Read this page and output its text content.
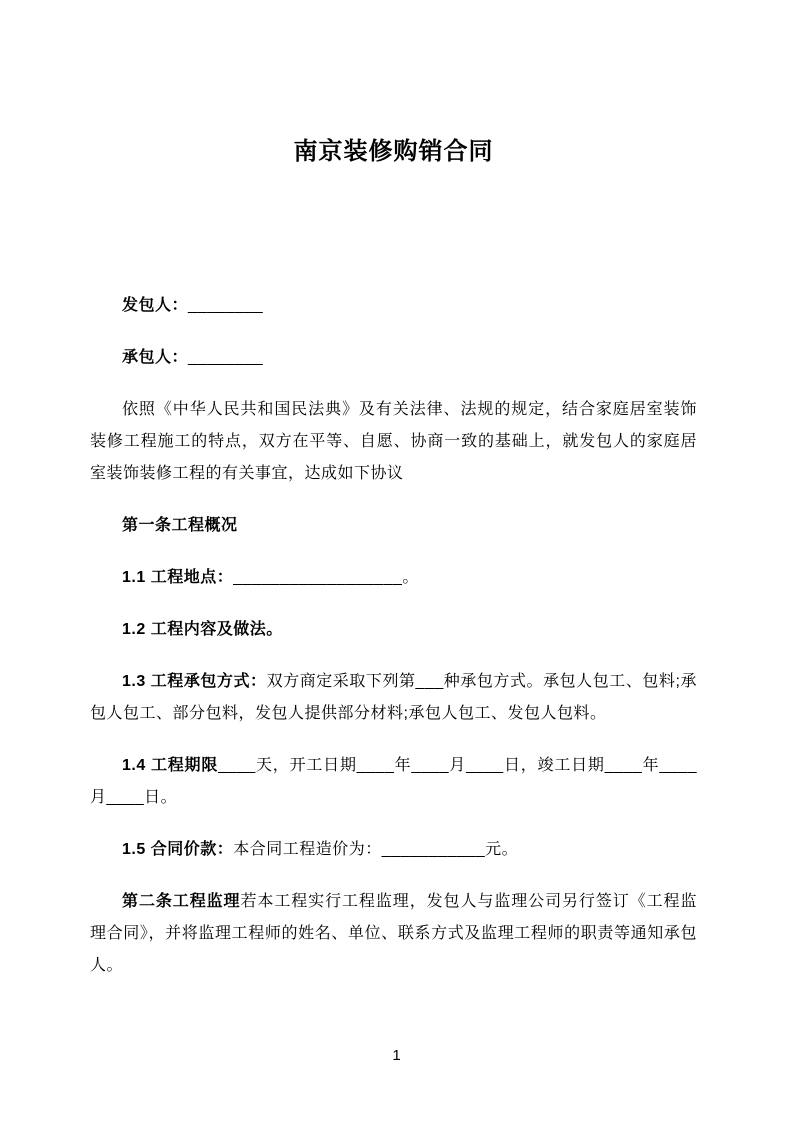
南京装修购销合同

发包人：________

承包人：________

依照《中华人民共和国民法典》及有关法律、法规的规定，结合家庭居室装饰装修工程施工的特点，双方在平等、自愿、协商一致的基础上，就发包人的家庭居室装饰装修工程的有关事宜，达成如下协议

第一条工程概况

1.1 工程地点：__________________。

1.2 工程内容及做法。

1.3 工程承包方式：双方商定采取下列第___种承包方式。承包人包工、包料;承包人包工、部分包料，发包人提供部分材料;承包人包工、发包人包料。

1.4 工程期限____天，开工日期____年____月____日，竣工日期____年____月____日。

1.5 合同价款：本合同工程造价为：___________元。

第二条工程监理若本工程实行工程监理，发包人与监理公司另行签订《工程监理合同》，并将监理工程师的姓名、单位、联系方式及监理工程师的职责等通知承包人。

1
